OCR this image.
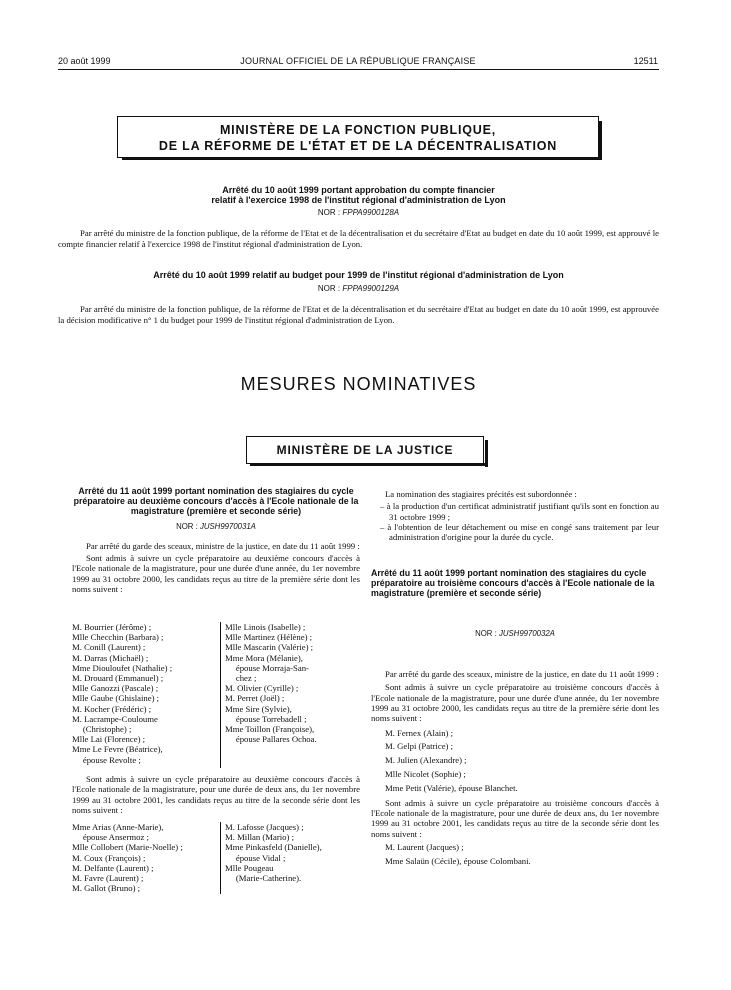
20 août 1999	JOURNAL OFFICIEL DE LA RÉPUBLIQUE FRANÇAISE	12511
MINISTÈRE DE LA FONCTION PUBLIQUE,
DE LA RÉFORME DE L'ÉTAT ET DE LA DÉCENTRALISATION
Arrêté du 10 août 1999 portant approbation du compte financier
relatif à l'exercice 1998 de l'institut régional d'administration de Lyon
NOR : FPPA9900128A
Par arrêté du ministre de la fonction publique, de la réforme de l'Etat et de la décentralisation et du secrétaire d'Etat au budget en date du 10 août 1999, est approuvé le compte financier relatif à l'exercice 1998 de l'institut régional d'administration de Lyon.
Arrêté du 10 août 1999 relatif au budget pour 1999 de l'institut régional d'administration de Lyon
NOR : FPPA9900129A
Par arrêté du ministre de la fonction publique, de la réforme de l'Etat et de la décentralisation et du secrétaire d'Etat au budget en date du 10 août 1999, est approuvée la décision modificative n° 1 du budget pour 1999 de l'institut régional d'administration de Lyon.
MESURES NOMINATIVES
MINISTÈRE DE LA JUSTICE

Arrêté du 11 août 1999 portant nomination des stagiaires du cycle préparatoire au deuxième concours d'accès à l'Ecole nationale de la magistrature (première et seconde série)

NOR : JUSH9970031A

Par arrêté du garde des sceaux, ministre de la justice, en date du 11 août 1999 :

Sont admis à suivre un cycle préparatoire au deuxième concours d'accès à l'Ecole nationale de la magistrature, pour une durée d'une année, du 1er novembre 1999 au 31 octobre 2000, les candidats reçus au titre de la première série dont les noms suivent :

M. Bourrier (Jérôme) ;
Mlle Checchin (Barbara) ;
M. Conill (Laurent) ;
M. Darras (Michaël) ;
Mme Diouloufet (Nathalie) ;
M. Drouard (Emmanuel) ;
Mlle Ganozzi (Pascale) ;
Mlle Gaube (Ghislaine) ;
M. Kocher (Frédéric) ;
M. Lacrampe-Couloume
(Christophe) ;
Mlle Lai (Florence) ;
Mme Le Fevre (Béatrice),
épouse Revolte ;
Mlle Linois (Isabelle) ;
Mlle Martinez (Hélène) ;
Mlle Mascarin (Valérie) ;
Mme Mora (Mélanie),
épouse Morraja-San-
chez ;
M. Olivier (Cyrille) ;
M. Perret (Joël) ;
Mme Sire (Sylvie),
épouse Torrebadell ;
Mme Toillon (Françoise),
épouse Pallares Ochoa.

Sont admis à suivre un cycle préparatoire au deuxième concours d'accès à l'Ecole nationale de la magistrature, pour une durée de deux ans, du 1er novembre 1999 au 31 octobre 2001, les candidats reçus au titre de la seconde série dont les noms suivent :

Mme Arias (Anne-Marie),
épouse Ansermoz ;
Mlle Collobert (Marie-Noelle) ;
M. Coux (François) ;
M. Delfante (Laurent) ;
M. Favre (Laurent) ;
M. Gallot (Bruno) ;
M. Lafosse (Jacques) ;
M. Millan (Mario) ;
Mme Pinkasfeld (Danielle),
épouse Vidal ;
Mlle Pougeau
(Marie-Catherine).

La nomination des stagiaires précités est subordonnée :

– à la production d'un certificat administratif justifiant qu'ils sont en fonction au 31 octobre 1999 ;

– à l'obtention de leur détachement ou mise en congé sans traitement par leur administration d'origine pour la durée du cycle.

Arrêté du 11 août 1999 portant nomination des stagiaires du cycle préparatoire au troisième concours d'accès à l'Ecole nationale de la magistrature (première et seconde série)

NOR : JUSH9970032A

Par arrêté du garde des sceaux, ministre de la justice, en date du 11 août 1999 :

Sont admis à suivre un cycle préparatoire au troisième concours d'accès à l'Ecole nationale de la magistrature, pour une durée d'une année, du 1er novembre 1999 au 31 octobre 2000, les candidats reçus au titre de la première série dont les noms suivent :

M. Fernex (Alain) ;
M. Gelpi (Patrice) ;
M. Julien (Alexandre) ;
Mlle Nicolet (Sophie) ;
Mme Petit (Valérie), épouse Blanchet.

Sont admis à suivre un cycle préparatoire au troisième concours d'accès à l'Ecole nationale de la magistrature, pour une durée de deux ans, du 1er novembre 1999 au 31 octobre 2001, les candidats reçus au titre de la seconde série dont les noms suivent :

M. Laurent (Jacques) ;
Mme Salaün (Cécile), épouse Colombani.
